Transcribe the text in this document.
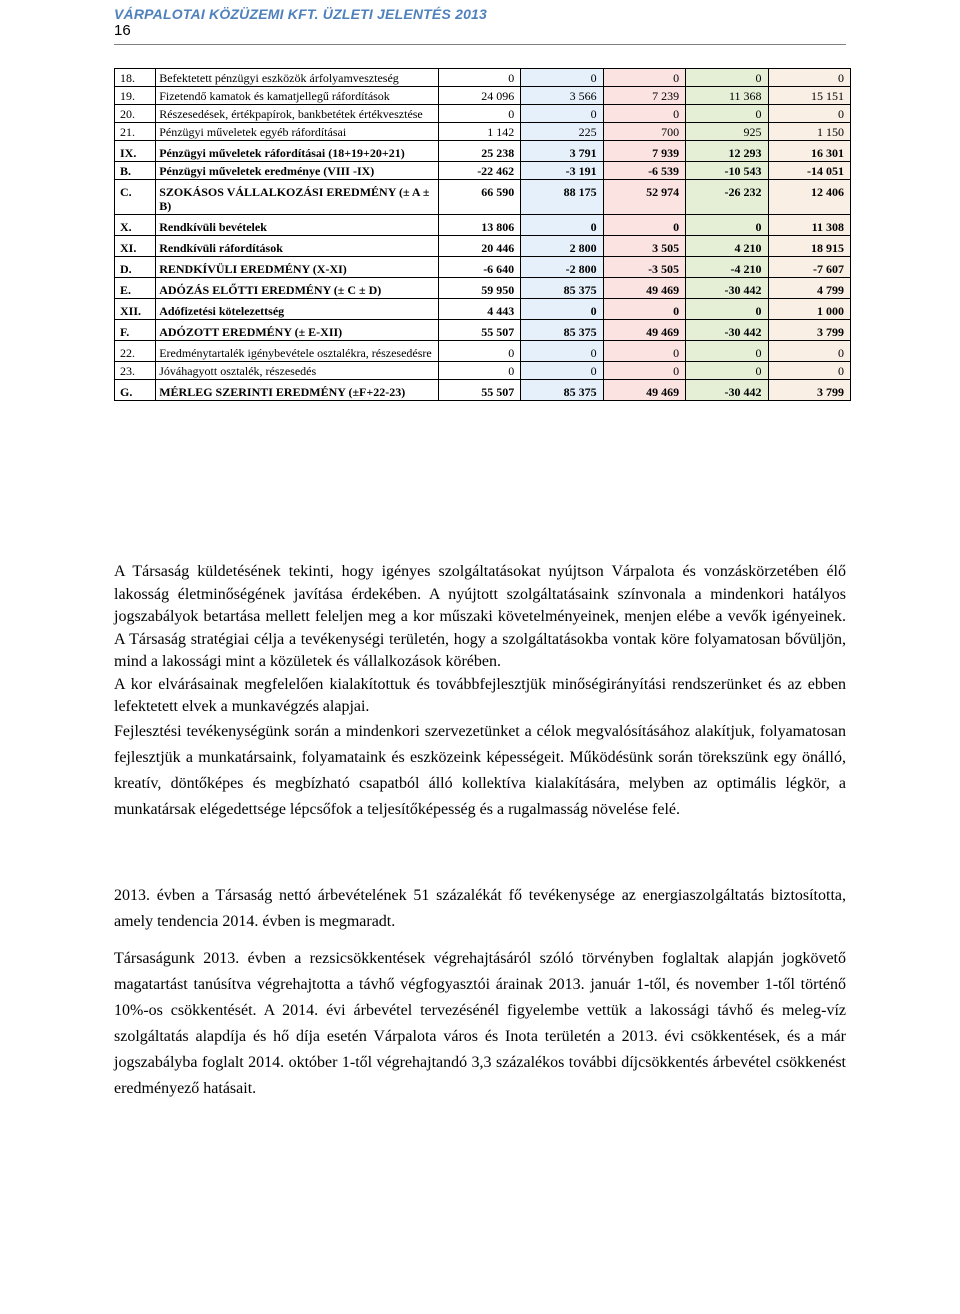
VÁRPALOTAI KÖZÜZEMI KFT. ÜZLETI JELENTÉS 2013
16
18.	Befektetett pénzügyi eszközök árfolyamveszteség	0	0	0	0	0
19.	Fizetendő kamatok és kamatjellegű ráfordítások	24 096	3 566	7 239	11 368	15 151
20.	Részesedések, értékpapírok, bankbetétek értékvesztése	0	0	0	0	0
21.	Pénzügyi műveletek egyéb ráfordításai	1 142	225	700	925	1 150
IX.	Pénzügyi műveletek ráfordításai (18+19+20+21)	25 238	3 791	7 939	12 293	16 301
B.	Pénzügyi műveletek eredménye (VIII -IX)	-22 462	-3 191	-6 539	-10 543	-14 051
C.	SZOKÁSOS VÁLLALKOZÁSI EREDMÉNY (± A ± B)	66 590	88 175	52 974	-26 232	12 406
X.	Rendkívüli bevételek	13 806	0	0	0	11 308
XI.	Rendkívüli ráfordítások	20 446	2 800	3 505	4 210	18 915
D.	RENDKÍVÜLI EREDMÉNY (X-XI)	-6 640	-2 800	-3 505	-4 210	-7 607
E.	ADÓZÁS ELŐTTI EREDMÉNY (± C ± D)	59 950	85 375	49 469	-30 442	4 799
XII.	Adófizetési kötelezettség	4 443	0	0	0	1 000
F.	ADÓZOTT EREDMÉNY (± E-XII)	55 507	85 375	49 469	-30 442	3 799
22.	Eredménytartalék igénybevétele osztalékra, részesedésre	0	0	0	0	0
23.	Jóváhagyott osztalék, részesedés	0	0	0	0	0
G.	MÉRLEG SZERINTI EREDMÉNY (±F+22-23)	55 507	85 375	49 469	-30 442	3 799

A Társaság küldetésének tekinti, hogy igényes szolgáltatásokat nyújtson Várpalota és vonzáskörzetében élő lakosság életminőségének javítása érdekében. A nyújtott szolgáltatásaink színvonala a mindenkori hatályos jogszabályok betartása mellett feleljen meg a kor műszaki követelményeinek, menjen elébe a vevők igényeinek. A Társaság stratégiai célja a tevékenységi területén, hogy a szolgáltatásokba vontak köre folyamatosan bővüljön, mind a lakossági mint a közületek és vállalkozások körében.

A kor elvárásainak megfelelően kialakítottuk és továbbfejlesztjük minőségirányítási rendszerünket és az ebben lefektetett elvek a munkavégzés alapjai.

Fejlesztési tevékenységünk során a mindenkori szervezetünket a célok megvalósításához alakítjuk, folyamatosan fejlesztjük a munkatársaink, folyamataink és eszközeink képességeit. Működésünk során törekszünk egy önálló, kreatív, döntőképes és megbízható csapatból álló kollektíva kialakítására, melyben az optimális légkör, a munkatársak elégedettsége lépcsőfok a teljesítőképesség és a rugalmasság növelése felé.

2013. évben a Társaság nettó árbevételének 51 százalékát fő tevékenysége az energiaszolgáltatás biztosította, amely tendencia 2014. évben is megmaradt.

Társaságunk 2013. évben a rezsicsökkentések végrehajtásáról szóló törvényben foglaltak alapján jogkövető magatartást tanúsítva végrehajtotta a távhő végfogyasztói árainak 2013. január 1-től, és november 1-től történő 10%-os csökkentését. A 2014. évi árbevétel tervezésénél figyelembe vettük a lakossági távhő és meleg-víz szolgáltatás alapdíja és hő díja esetén Várpalota város és Inota területén a 2013. évi csökkentések, és a már jogszabályba foglalt 2014. október 1-től végrehajtandó 3,3 százalékos további díjcsökkentés árbevétel csökkenést eredményező hatásait.
